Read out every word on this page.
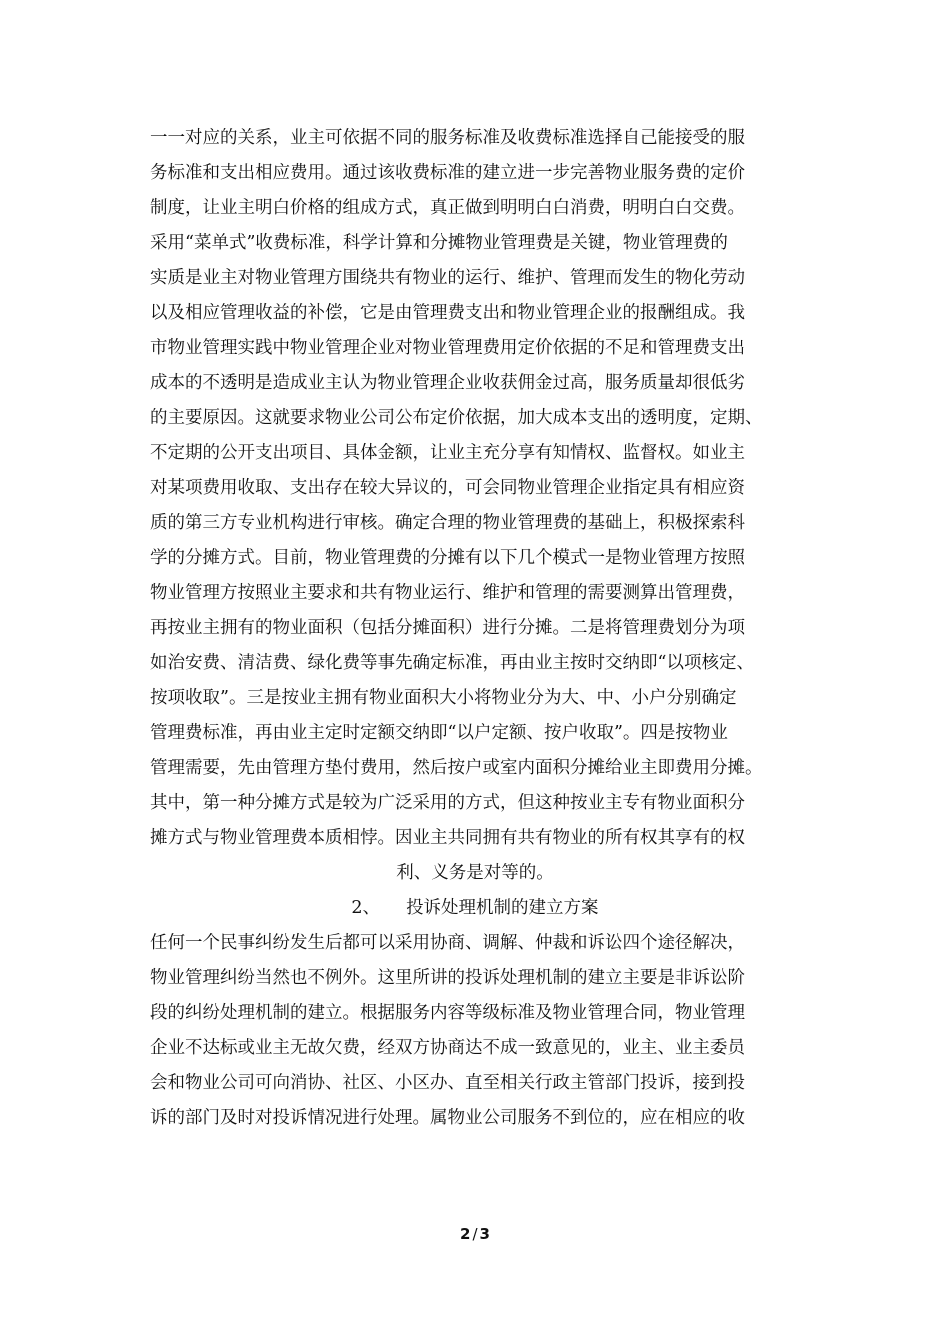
一一对应的关系，业主可依据不同的服务标准及收费标准选择自己能接受的服
务标准和支出相应费用。通过该收费标准的建立进一步完善物业服务费的定价
制度，让业主明白价格的组成方式，真正做到明明白白消费，明明白白交费。
采用“菜单式”收费标准，科学计算和分摊物业管理费是关键，物业管理费的
实质是业主对物业管理方围绕共有物业的运行、维护、管理而发生的物化劳动
以及相应管理收益的补偿，它是由管理费支出和物业管理企业的报酬组成。我
市物业管理实践中物业管理企业对物业管理费用定价依据的不足和管理费支出
成本的不透明是造成业主认为物业管理企业收获佣金过高，服务质量却很低劣
的主要原因。这就要求物业公司公布定价依据，加大成本支出的透明度，定期、
不定期的公开支出项目、具体金额，让业主充分享有知情权、监督权。如业主
对某项费用收取、支出存在较大异议的，可会同物业管理企业指定具有相应资
质的第三方专业机构进行审核。确定合理的物业管理费的基础上，积极探索科
学的分摊方式。目前，物业管理费的分摊有以下几个模式一是物业管理方按照
物业管理方按照业主要求和共有物业运行、维护和管理的需要测算出管理费，
再按业主拥有的物业面积（包括分摊面积）进行分摊。二是将管理费划分为项
如治安费、清洁费、绿化费等事先确定标准，再由业主按时交纳即“以项核定、
按项收取”。三是按业主拥有物业面积大小将物业分为大、中、小户分别确定
管理费标准，再由业主定时定额交纳即“以户定额、按户收取”。四是按物业
管理需要，先由管理方垫付费用，然后按户或室内面积分摊给业主即费用分摊。
其中，第一种分摊方式是较为广泛采用的方式，但这种按业主专有物业面积分
摊方式与物业管理费本质相悖。因业主共同拥有共有物业的所有权其享有的权
利、义务是对等的。
2、 投诉处理机制的建立方案
任何一个民事纠纷发生后都可以采用协商、调解、仲裁和诉讼四个途径解决，
物业管理纠纷当然也不例外。这里所讲的投诉处理机制的建立主要是非诉讼阶
段的纠纷处理机制的建立。根据服务内容等级标准及物业管理合同，物业管理
企业不达标或业主无故欠费，经双方协商达不成一致意见的，业主、业主委员
会和物业公司可向消协、社区、小区办、直至相关行政主管部门投诉，接到投
诉的部门及时对投诉情况进行处理。属物业公司服务不到位的，应在相应的收
2 / 3
